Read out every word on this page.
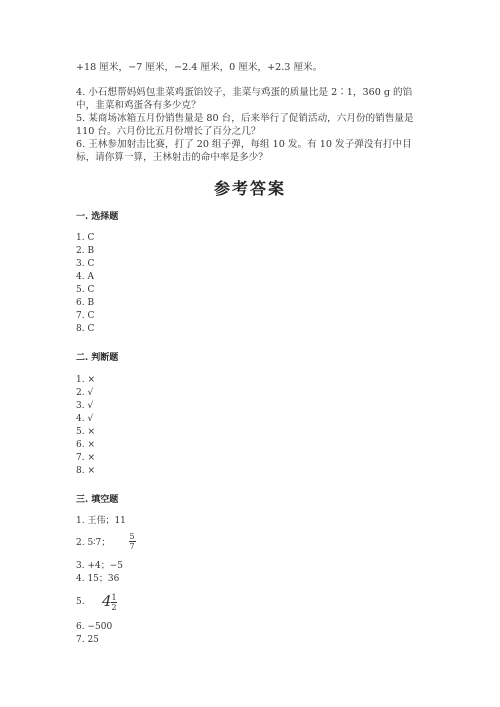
+18 厘米，−7 厘米，−2.4 厘米，0 厘米，+2.3 厘米。
4. 小石想帮妈妈包韭菜鸡蛋馅饺子，韭菜与鸡蛋的质量比是 2∶1，360 g 的馅
中，韭菜和鸡蛋各有多少克？
5. 某商场冰箱五月份销售量是 80 台，后来举行了促销活动，六月份的销售量是
110 台。六月份比五月份增长了百分之几？
6. 王林参加射击比赛，打了 20 组子弹，每组 10 发。有 10 发子弹没有打中目
标，请你算一算，王林射击的命中率是多少？
参考答案
一. 选择题
1. C
2. B
3. C
4. A
5. C
6. B
7. C
8. C
二. 判断题
1. ×
2. √
3. √
4. √
5. ×
6. ×
7. ×
8. ×
三. 填空题
1. 王伟；11
2. 5∶7；
5
7
3. +4；−5
4. 15；36
5. 4 1
2
6. −500
7. 25
